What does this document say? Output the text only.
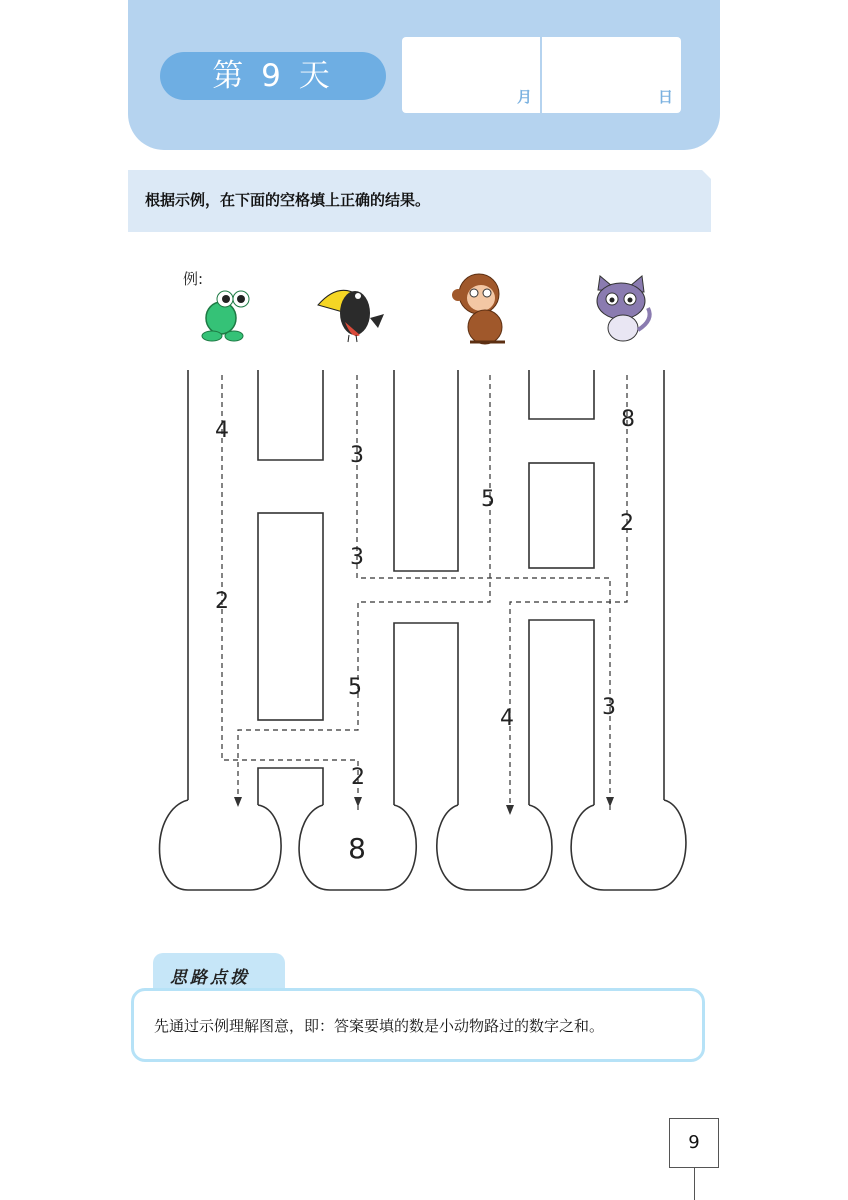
第 9 天
月	日
根据示例，在下面的空格填上正确的结果。
例:
4
2
3
3
5
2
5
4
8
2
3
8
思路点拨
先通过示例理解图意，即：答案要填的数是小动物路过的数字之和。
9
